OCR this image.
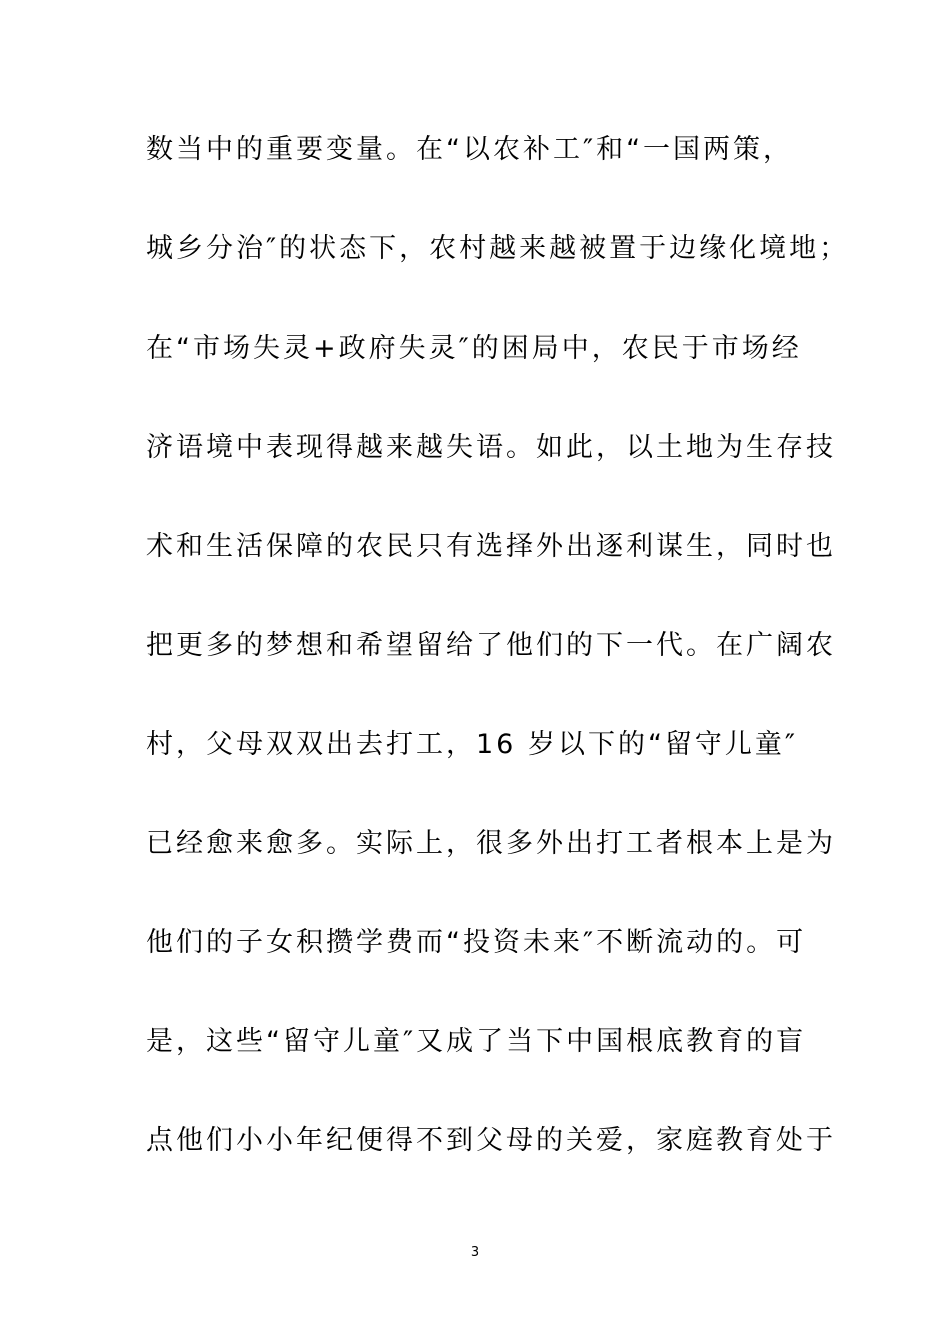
数当中的重要变量。在“以农补工″和“一国两策，
城乡分治″的状态下，农村越来越被置于边缘化境地；
在“市场失灵+政府失灵″的困局中，农民于市场经
济语境中表现得越来越失语。如此，以土地为生存技
术和生活保障的农民只有选择外出逐利谋生，同时也
把更多的梦想和希望留给了他们的下一代。在广阔农
村，父母双双出去打工，16 岁以下的“留守儿童″
已经愈来愈多。实际上，很多外出打工者根本上是为
他们的子女积攒学费而“投资未来″不断流动的。可
是，这些“留守儿童″又成了当下中国根底教育的盲
点他们小小年纪便得不到父母的关爱，家庭教育处于
3
